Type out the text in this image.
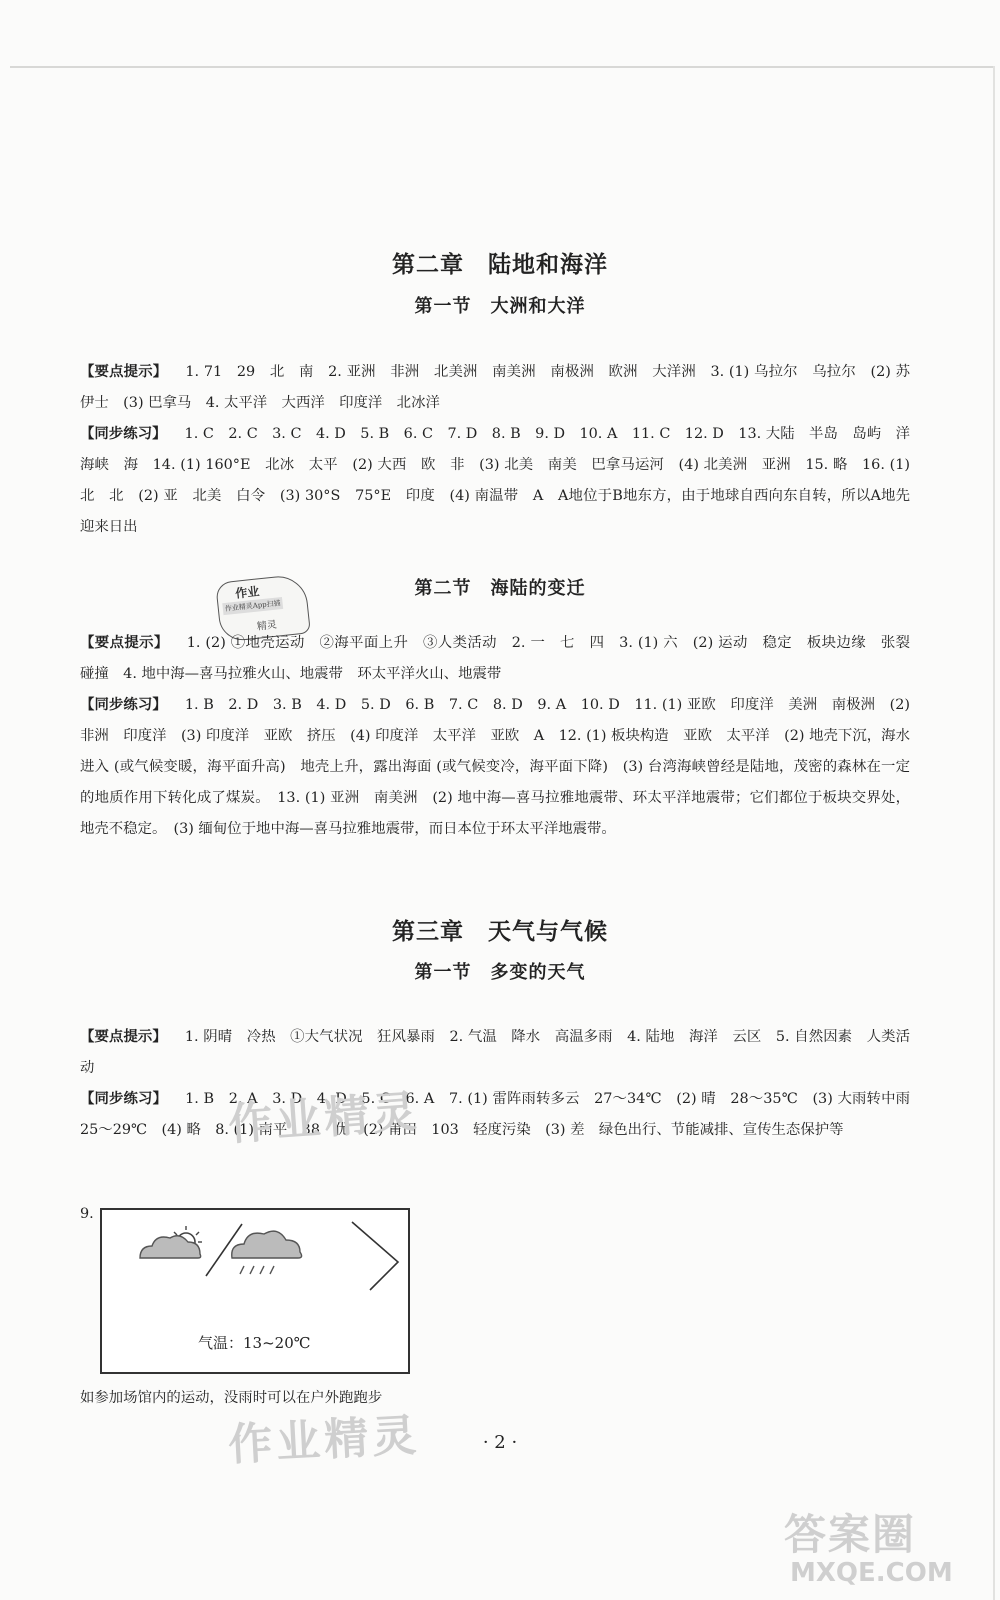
第二章　陆地和海洋
第一节　大洲和大洋
【要点提示】 1. 71　29　北　南　2. 亚洲　非洲　北美洲　南美洲　南极洲　欧洲　大洋洲　3. (1) 乌拉尔　乌拉尔　(2) 苏伊士　(3) 巴拿马　4. 太平洋　大西洋　印度洋　北冰洋
【同步练习】 1. C　2. C　3. C　4. D　5. B　6. C　7. D　8. B　9. D　10. A　11. C　12. D　13. 大陆　半岛　岛屿　洋　海峡　海　14. (1) 160°E　北冰　太平　(2) 大西　欧　非　(3) 北美　南美　巴拿马运河　(4) 北美洲　亚洲　15. 略　16. (1) 北　北　(2) 亚　北美　白令　(3) 30°S　75°E　印度　(4) 南温带　A　A地位于B地东方，由于地球自西向东自转，所以A地先迎来日出
作业
作业精灵App扫描
精灵
第二节　海陆的变迁
【要点提示】 1. (2) ①地壳运动　②海平面上升　③人类活动　2. 一　七　四　3. (1) 六　(2) 运动　稳定　板块边缘　张裂　碰撞　4. 地中海—喜马拉雅火山、地震带　环太平洋火山、地震带
【同步练习】 1. B　2. D　3. B　4. D　5. D　6. B　7. C　8. D　9. A　10. D　11. (1) 亚欧　印度洋　美洲　南极洲　(2) 非洲　印度洋　(3) 印度洋　亚欧　挤压　(4) 印度洋　太平洋　亚欧　A　12. (1) 板块构造　亚欧　太平洋　(2) 地壳下沉，海水进入 (或气候变暖，海平面升高)　地壳上升，露出海面 (或气候变冷，海平面下降)　(3) 台湾海峡曾经是陆地，茂密的森林在一定的地质作用下转化成了煤炭。　13. (1) 亚洲　南美洲　(2) 地中海—喜马拉雅地震带、环太平洋地震带；它们都位于板块交界处，地壳不稳定。　(3) 缅甸位于地中海—喜马拉雅地震带，而日本位于环太平洋地震带。
第三章　天气与气候
第一节　多变的天气
【要点提示】 1. 阴晴　冷热　①大气状况　狂风暴雨　2. 气温　降水　高温多雨　4. 陆地　海洋　云区　5. 自然因素　人类活动
【同步练习】 1. B　2. A　3. D　4. D　5. C　6. A　7. (1) 雷阵雨转多云　27～34℃　(2) 晴　28～35℃　(3) 大雨转中雨　25～29℃　(4) 略　8. (1) 南平　38　优　(2) 莆田　103　轻度污染　(3) 差　绿色出行、节能减排、宣传生态保护等
作业精灵
9.
气温：13~20℃
如参加场馆内的运动，没雨时可以在户外跑跑步
· 2 ·
作业精灵
答案圈
MXQE.COM
